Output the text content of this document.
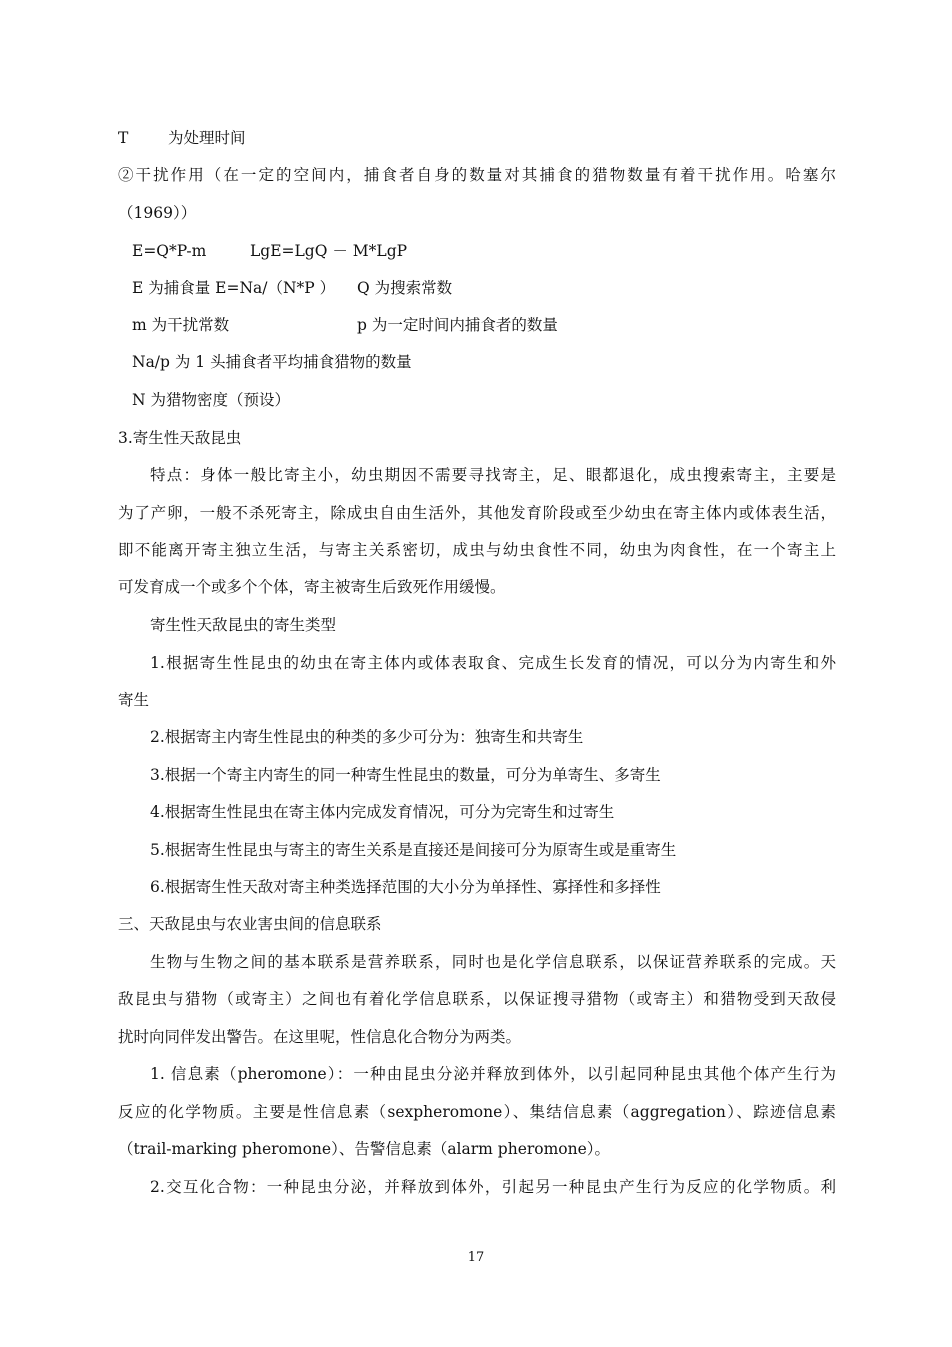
T	为处理时间
②干扰作用（在一定的空间内，捕食者自身的数量对其捕食的猎物数量有着干扰作用。哈塞尔
（1969））
E=Q*P-m	LgE=LgQ － M*LgP
E 为捕食量 E=Na/（N*P ） Q 为搜索常数
m 为干扰常数	p 为一定时间内捕食者的数量
Na/p 为 1 头捕食者平均捕食猎物的数量
N 为猎物密度（预设）
3.寄生性天敌昆虫
特点：身体一般比寄主小，幼虫期因不需要寻找寄主，足、眼都退化，成虫搜索寄主，主要是
为了产卵，一般不杀死寄主，除成虫自由生活外，其他发育阶段或至少幼虫在寄主体内或体表生活，
即不能离开寄主独立生活，与寄主关系密切，成虫与幼虫食性不同，幼虫为肉食性，在一个寄主上
可发育成一个或多个个体，寄主被寄生后致死作用缓慢。
寄生性天敌昆虫的寄生类型
1.根据寄生性昆虫的幼虫在寄主体内或体表取食、完成生长发育的情况，可以分为内寄生和外
寄生
2.根据寄主内寄生性昆虫的种类的多少可分为：独寄生和共寄生
3.根据一个寄主内寄生的同一种寄生性昆虫的数量，可分为单寄生、多寄生
4.根据寄生性昆虫在寄主体内完成发育情况，可分为完寄生和过寄生
5.根据寄生性昆虫与寄主的寄生关系是直接还是间接可分为原寄生或是重寄生
6.根据寄生性天敌对寄主种类选择范围的大小分为单择性、寡择性和多择性
三、天敌昆虫与农业害虫间的信息联系
生物与生物之间的基本联系是营养联系，同时也是化学信息联系，以保证营养联系的完成。天
敌昆虫与猎物（或寄主）之间也有着化学信息联系，以保证搜寻猎物（或寄主）和猎物受到天敌侵
扰时向同伴发出警告。在这里呢，性信息化合物分为两类。
1. 信息素（pheromone）：一种由昆虫分泌并释放到体外，以引起同种昆虫其他个体产生行为
反应的化学物质。主要是性信息素（sexpheromone）、集结信息素（aggregation）、踪迹信息素
（trail-marking pheromone）、告警信息素（alarm pheromone）。
2.交互化合物：一种昆虫分泌，并释放到体外，引起另一种昆虫产生行为反应的化学物质。利
17
